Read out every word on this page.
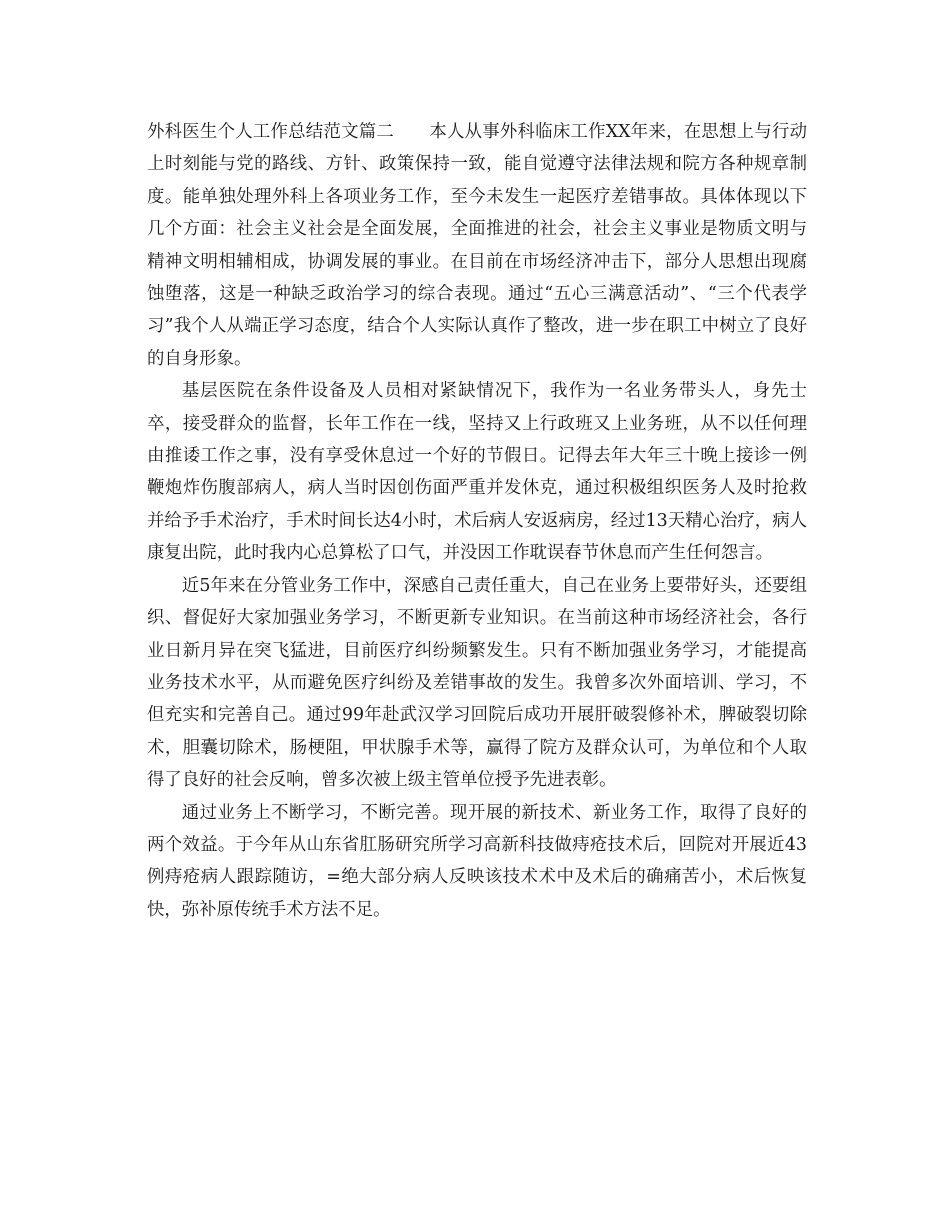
外科医生个人工作总结范文篇二　　本人从事外科临床工作XX年来，在思想上与行动上时刻能与党的路线、方针、政策保持一致，能自觉遵守法律法规和院方各种规章制度。能单独处理外科上各项业务工作，至今未发生一起医疗差错事故。具体体现以下几个方面：社会主义社会是全面发展，全面推进的社会，社会主义事业是物质文明与精神文明相辅相成，协调发展的事业。在目前在市场经济冲击下，部分人思想出现腐蚀堕落，这是一种缺乏政治学习的综合表现。通过“五心三满意活动”、“三个代表学习”我个人从端正学习态度，结合个人实际认真作了整改，进一步在职工中树立了良好的自身形象。

基层医院在条件设备及人员相对紧缺情况下，我作为一名业务带头人，身先士卒，接受群众的监督，长年工作在一线，坚持又上行政班又上业务班，从不以任何理由推诿工作之事，没有享受休息过一个好的节假日。记得去年大年三十晚上接诊一例鞭炮炸伤腹部病人，病人当时因创伤面严重并发休克，通过积极组织医务人及时抢救并给予手术治疗，手术时间长达4小时，术后病人安返病房，经过13天精心治疗，病人康复出院，此时我内心总算松了口气，并没因工作耽误春节休息而产生任何怨言。

近5年来在分管业务工作中，深感自己责任重大，自己在业务上要带好头，还要组织、督促好大家加强业务学习，不断更新专业知识。在当前这种市场经济社会，各行业日新月异在突飞猛进，目前医疗纠纷频繁发生。只有不断加强业务学习，才能提高业务技术水平，从而避免医疗纠纷及差错事故的发生。我曾多次外面培训、学习，不但充实和完善自己。通过99年赴武汉学习回院后成功开展肝破裂修补术，脾破裂切除术，胆囊切除术，肠梗阻，甲状腺手术等，赢得了院方及群众认可，为单位和个人取得了良好的社会反响，曾多次被上级主管单位授予先进表彰。

通过业务上不断学习，不断完善。现开展的新技术、新业务工作，取得了良好的两个效益。于今年从山东省肛肠研究所学习高新科技做痔疮技术后，回院对开展近43例痔疮病人跟踪随访，=绝大部分病人反映该技术术中及术后的确痛苦小，术后恢复快，弥补原传统手术方法不足。
